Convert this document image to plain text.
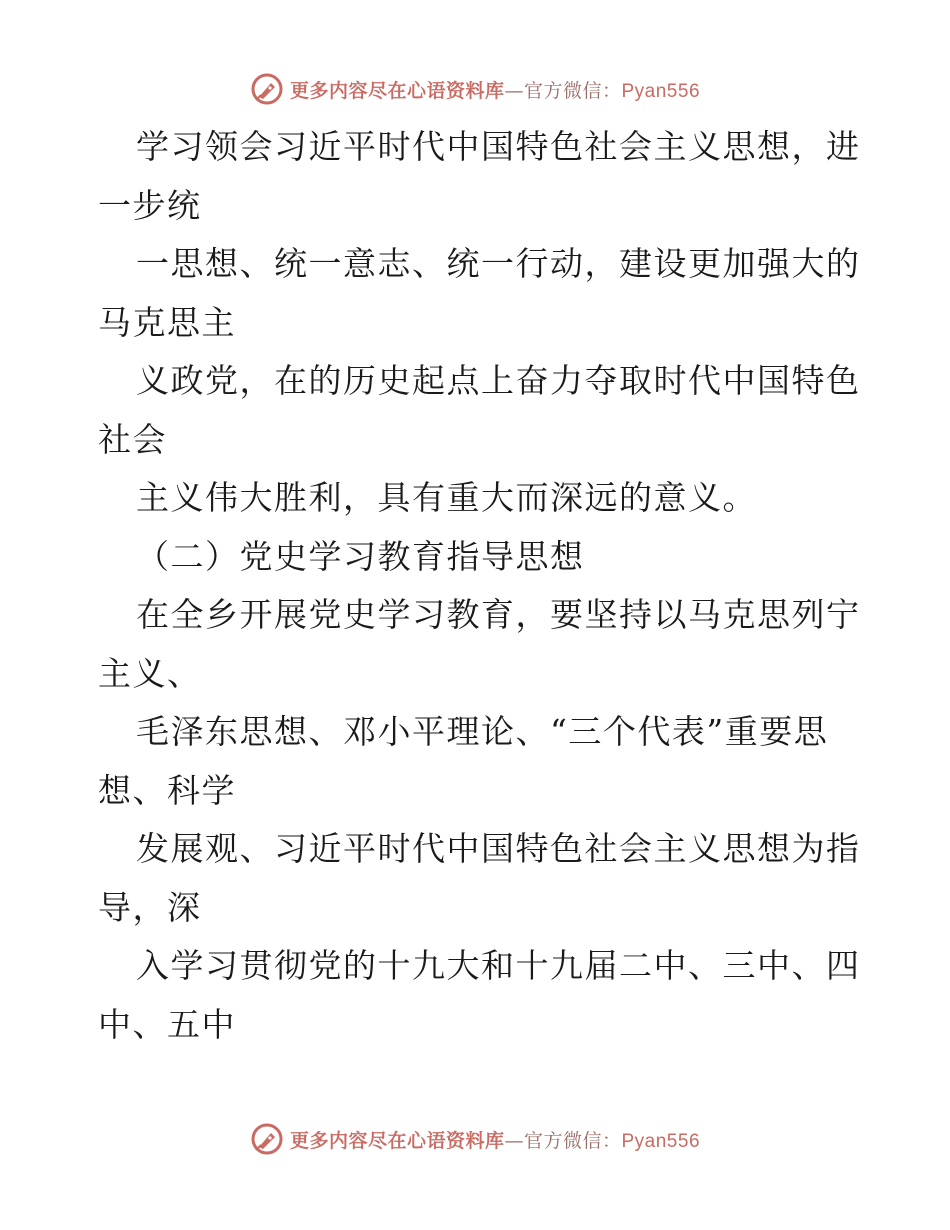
更多内容尽在心语资料库—官方微信：Pyan556
学习领会习近平时代中国特色社会主义思想，进
一步统
一思想、统一意志、统一行动，建设更加强大的
马克思主
义政党，在的历史起点上奋力夺取时代中国特色
社会
主义伟大胜利，具有重大而深远的意义。
（二）党史学习教育指导思想
在全乡开展党史学习教育，要坚持以马克思列宁
主义、
毛泽东思想、邓小平理论、“三个代表”重要思
想、科学
发展观、习近平时代中国特色社会主义思想为指
导，深
入学习贯彻党的十九大和十九届二中、三中、四
中、五中
更多内容尽在心语资料库—官方微信：Pyan556
